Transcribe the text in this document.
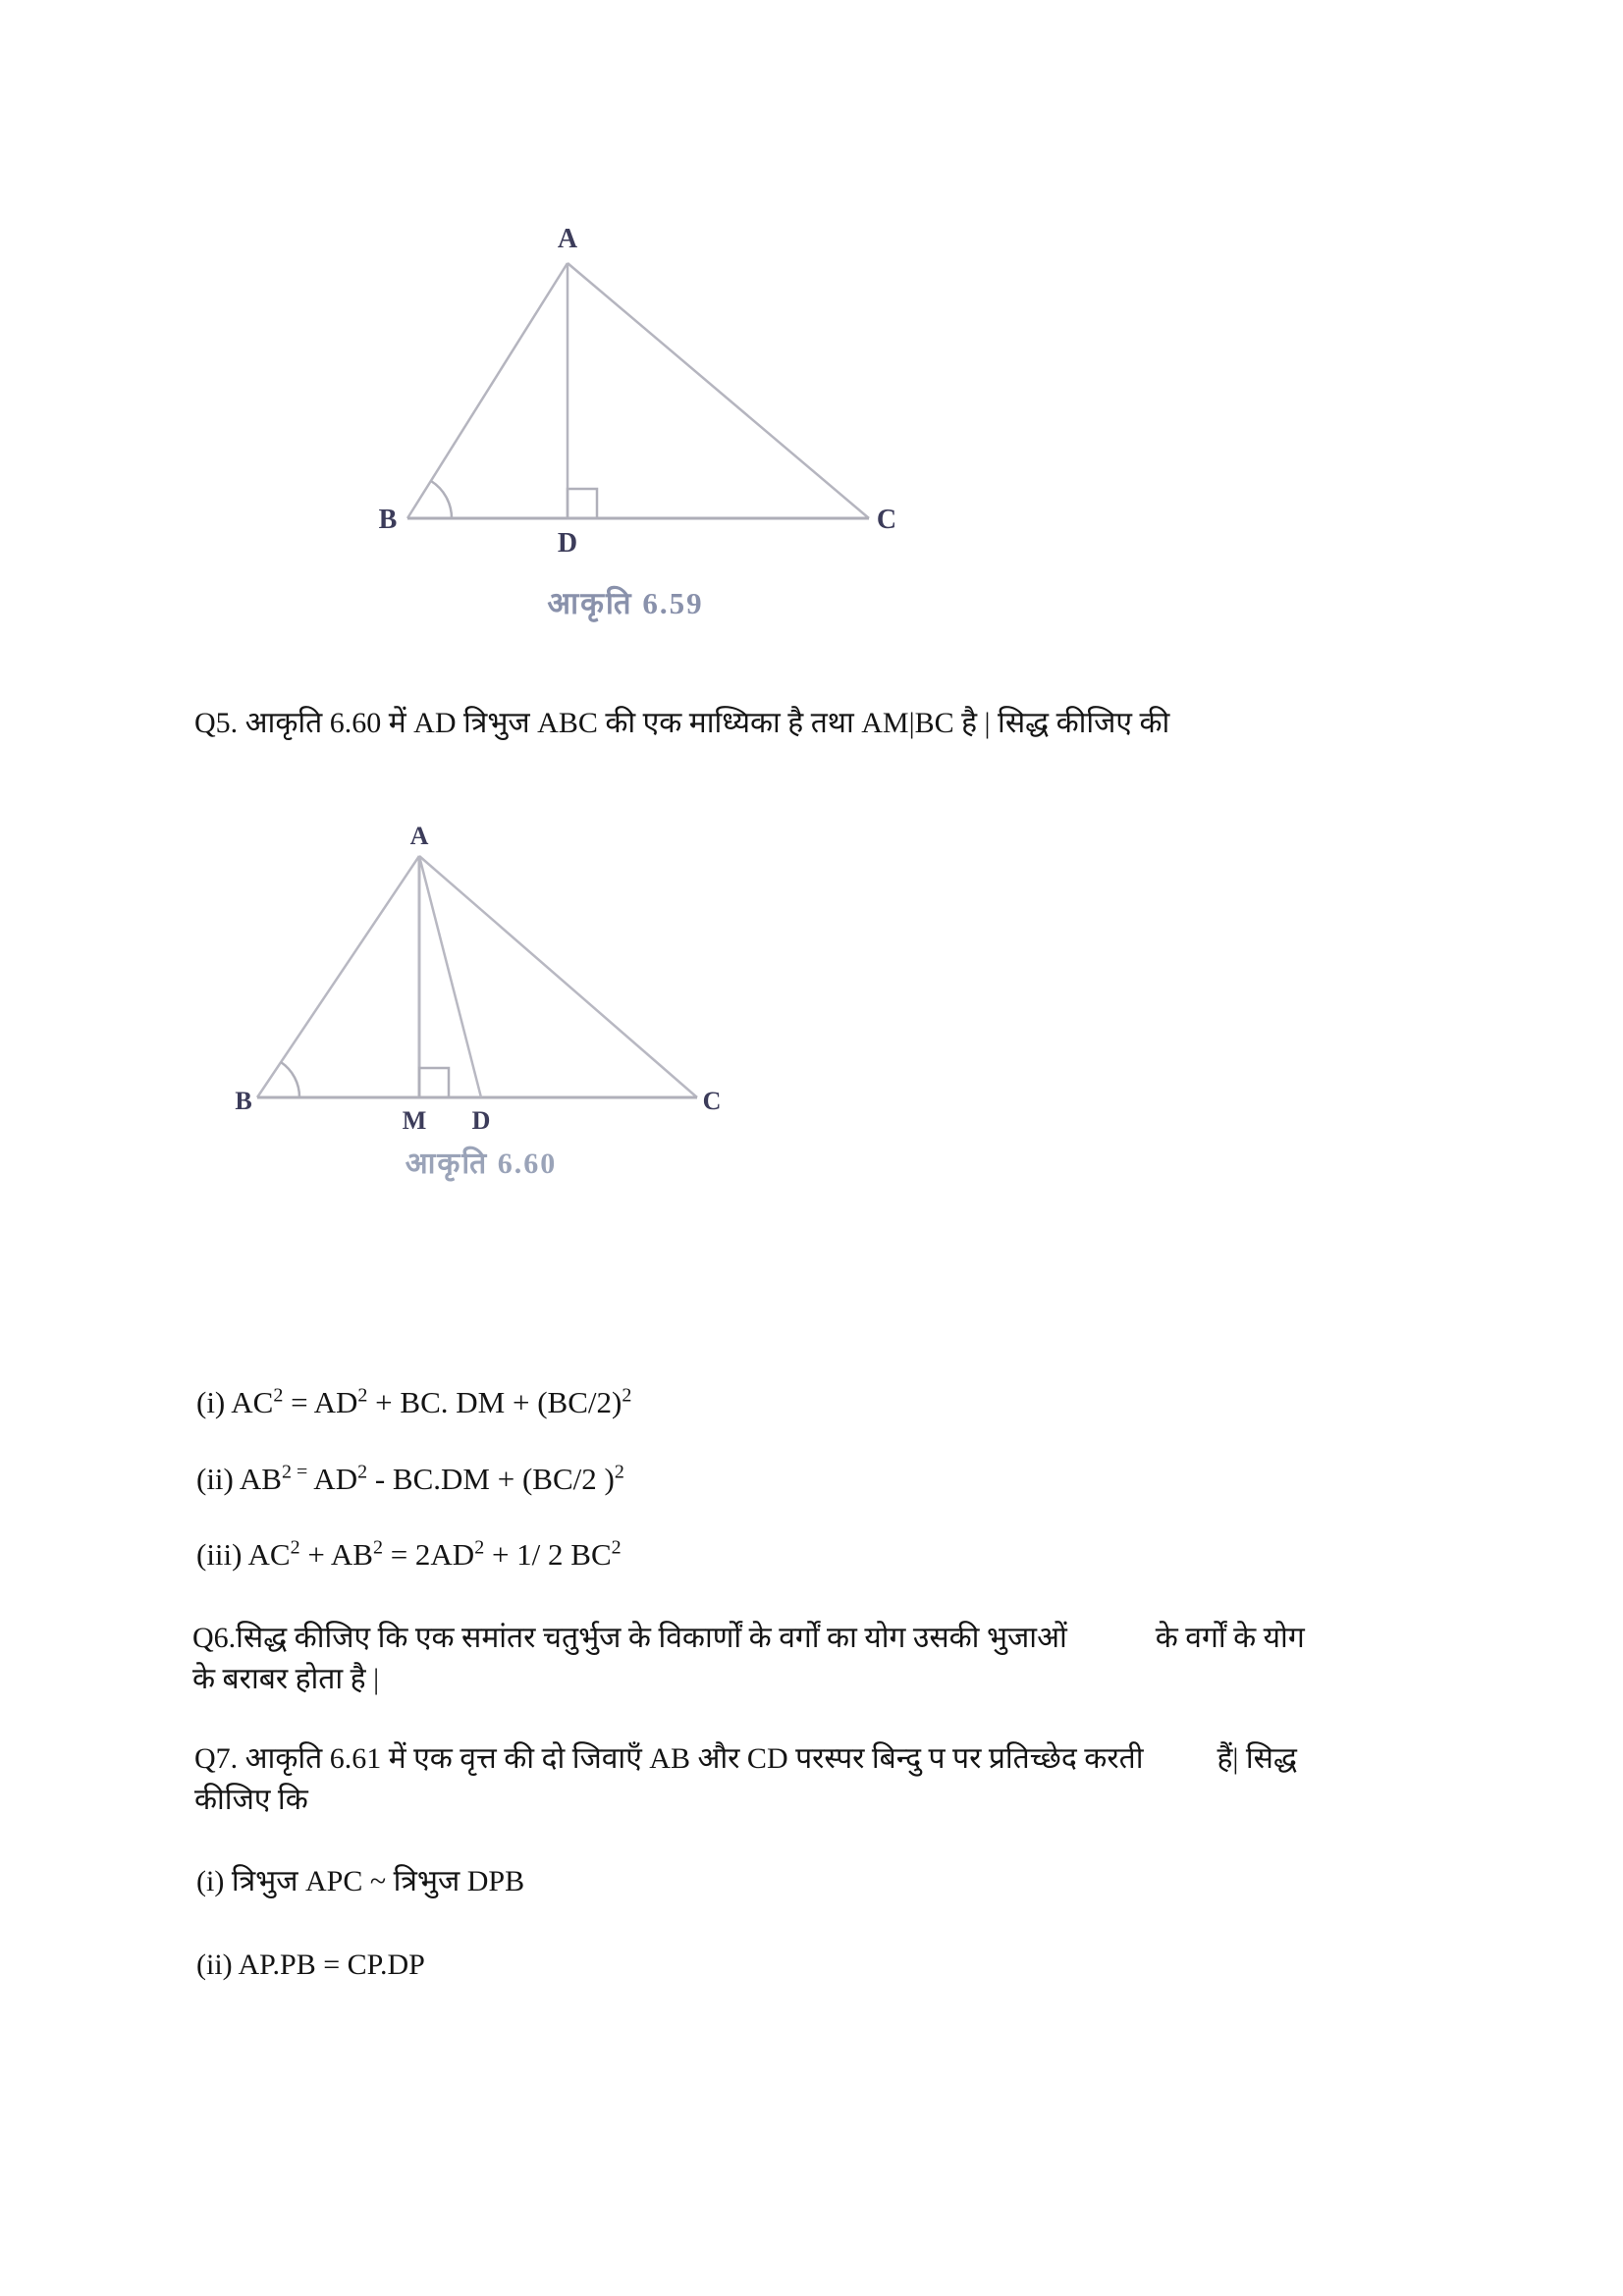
A
B	C
D
आकृति 6.59
Q5. आकृति 6.60 में AD त्रिभुज ABC की एक माध्यिका है तथा AM|BC है | सिद्ध कीजिए की
A
B	C
M D
आकृति 6.60
(i) $AC^2 = AD^2$ + BC. DM + $(BC/2)^2$
(ii) $AB^{2 =}$ $AD^2 - BC.DM + (BC/2$ )$^2$
(iii) $AC^2 + AB^2 = 2AD^2 + 1/$ 2 $BC^2$
Q6.सिद्ध कीजिए कि एक समांतर चतुर्भुज के विकार्णों के वर्गों का योग उसकी भुजाओं	के वर्गों के योग
के बराबर होता है |
Q7. आकृति 6.61 में एक वृत्त की दो जिवाएँ AB और CD परस्पर बिन्दु प पर प्रतिच्छेद करती	हैं| सिद्ध
कीजिए कि
(i) त्रिभुज APC ~ त्रिभुज DPB
(ii) AP.PB = CP.DP
